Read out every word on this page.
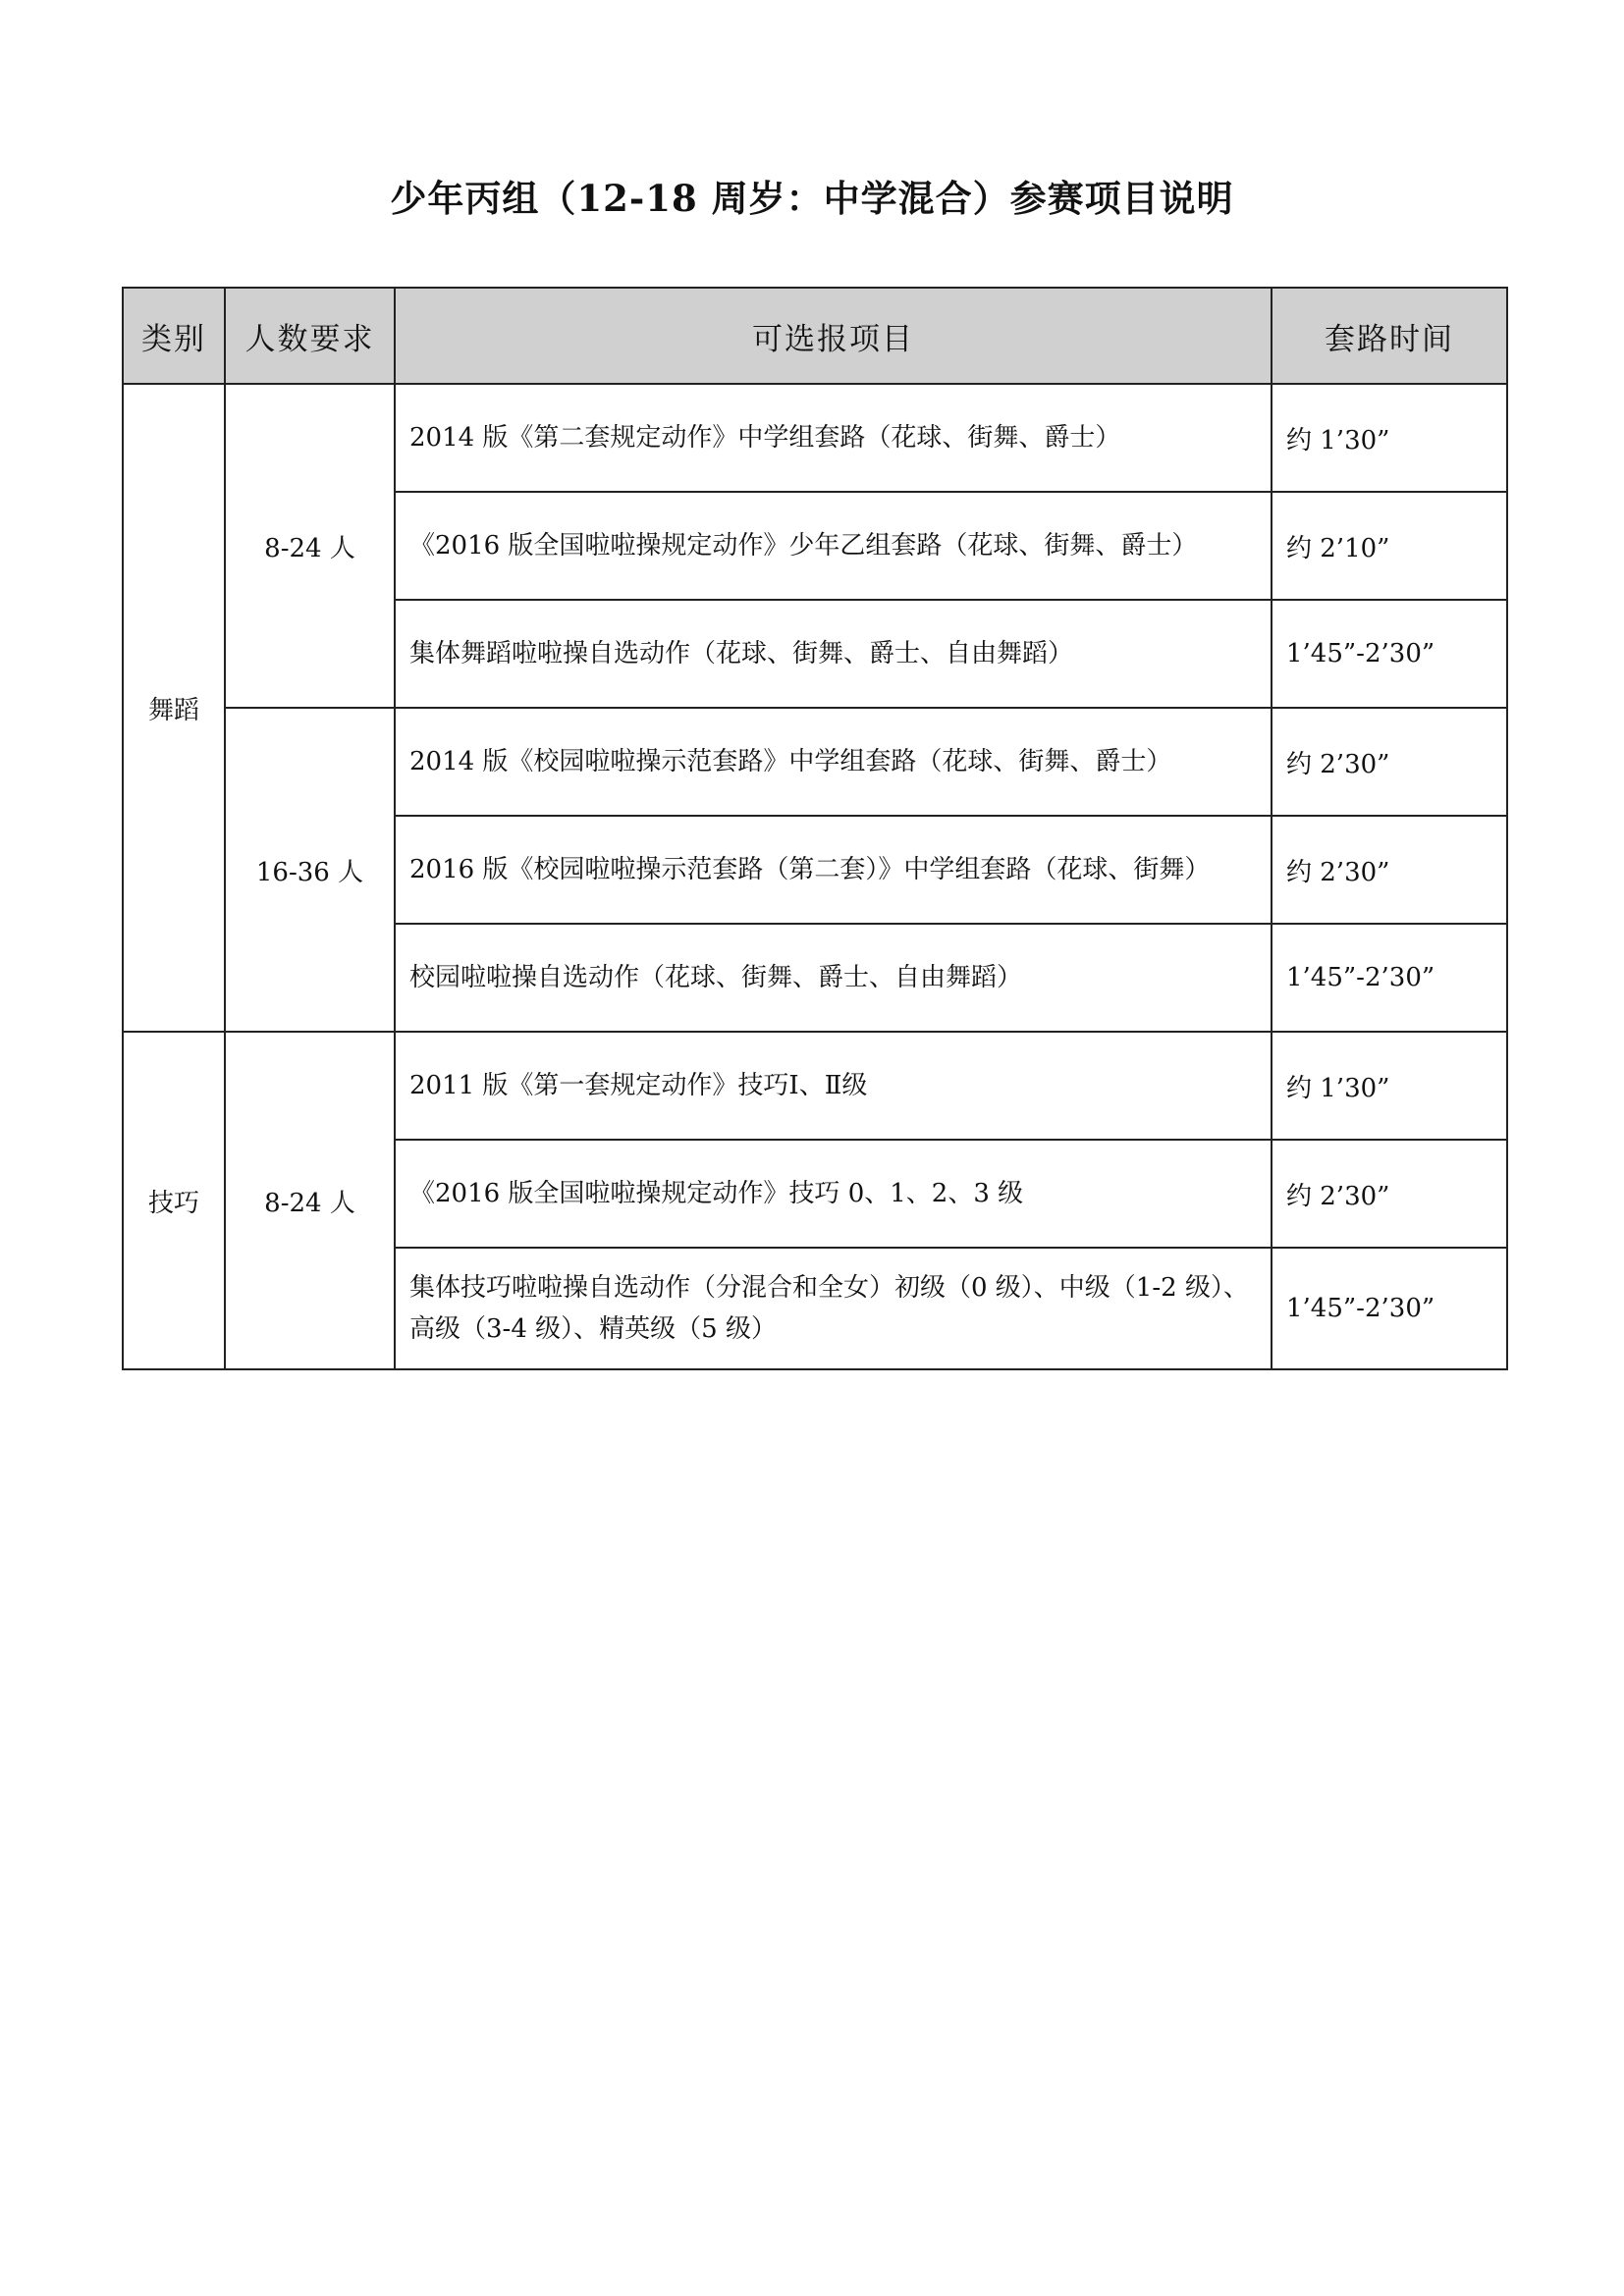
少年丙组（12-18 周岁：中学混合）参赛项目说明
类别	人数要求	可选报项目	套路时间
舞蹈	8-24 人	2014 版《第二套规定动作》中学组套路（花球、街舞、爵士）	约 1’30”
		《2016 版全国啦啦操规定动作》少年乙组套路（花球、街舞、爵士）	约 2’10”
		集体舞蹈啦啦操自选动作（花球、街舞、爵士、自由舞蹈）	1’45”-2’30”
	16-36 人	2014 版《校园啦啦操示范套路》中学组套路（花球、街舞、爵士）	约 2’30”
		2016 版《校园啦啦操示范套路（第二套）》中学组套路（花球、街舞）	约 2’30”
		校园啦啦操自选动作（花球、街舞、爵士、自由舞蹈）	1’45”-2’30”
技巧	8-24 人	2011 版《第一套规定动作》技巧Ⅰ、Ⅱ级	约 1’30”
		《2016 版全国啦啦操规定动作》技巧 0、1、2、3 级	约 2’30”
		集体技巧啦啦操自选动作（分混合和全女）初级（0 级）、中级（1-2 级）、高级（3-4 级）、精英级（5 级）	1’45”-2’30”
